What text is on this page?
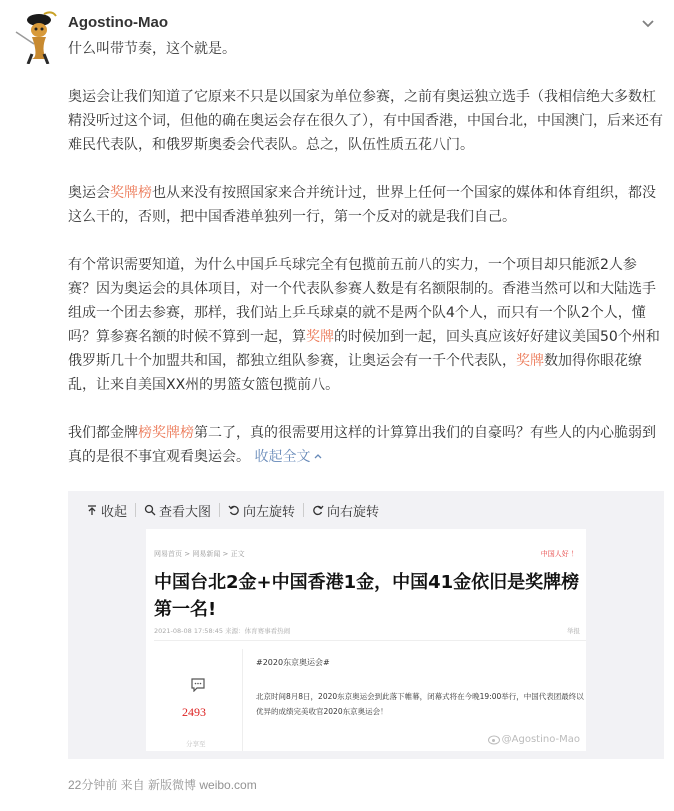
Agostino-Mao
什么叫带节奏，这个就是。
奥运会让我们知道了它原来不只是以国家为单位参赛，之前有奥运独立选手（我相信绝大多数杠精没听过这个词，但他的确在奥运会存在很久了），有中国香港，中国台北，中国澳门，后来还有难民代表队，和俄罗斯奥委会代表队。总之，队伍性质五花八门。
奥运会奖牌榜也从来没有按照国家来合并统计过，世界上任何一个国家的媒体和体育组织，都没这么干的，否则，把中国香港单独列一行，第一个反对的就是我们自己。
有个常识需要知道，为什么中国乒乓球完全有包揽前五前八的实力，一个项目却只能派2人参赛？因为奥运会的具体项目，对一个代表队参赛人数是有名额限制的。香港当然可以和大陆选手组成一个团去参赛，那样，我们站上乒乓球桌的就不是两个队4个人，而只有一个队2个人，懂吗？算参赛名额的时候不算到一起，算奖牌的时候加到一起，回头真应该好好建议美国50个州和俄罗斯几十个加盟共和国，都独立组队参赛，让奥运会有一千个代表队，奖牌数加得你眼花缭乱，让来自美国XX州的男篮女篮包揽前八。
我们都金牌榜奖牌榜第二了，真的很需要用这样的计算算出我们的自豪吗？有些人的内心脆弱到真的是很不事宜观看奥运会。 收起全文
收起 查看大图 向左旋转 向右旋转
网易首页 > 网易新闻 > 正文	中国人好 ！
中国台北2金+中国香港1金，中国41金依旧是奖牌榜第一名!
2021-08-08 17:58:45 来源：体育赛事看热闹	举报
2493
分享至
#2020东京奥运会#
北京时间8月8日，2020东京奥运会到此落下帷幕，闭幕式将在今晚19:00举行，中国代表团最终以优异的成绩完美收官2020东京奥运会！
@Agostino-Mao
22分钟前 来自 新版微博 weibo.com
